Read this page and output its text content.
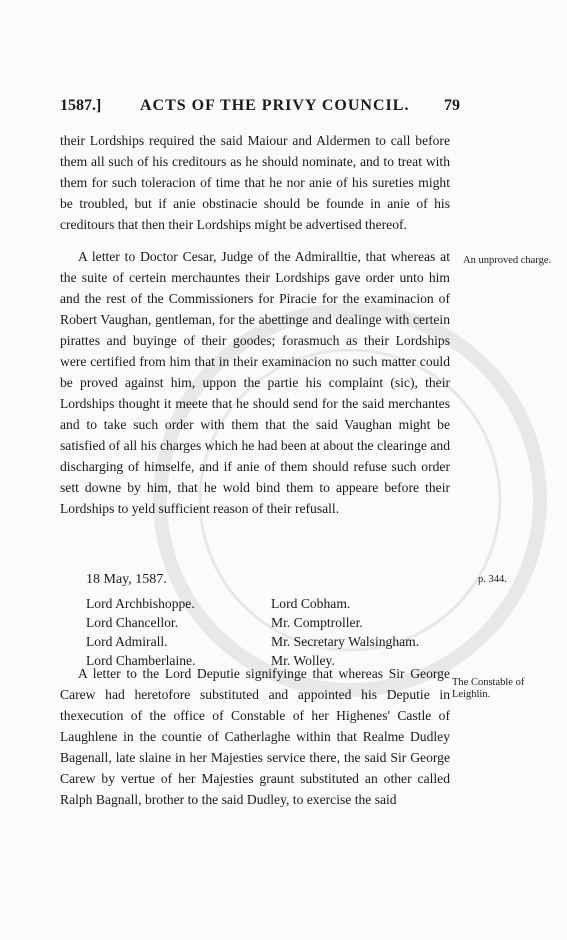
1587.] ACTS OF THE PRIVY COUNCIL. 79

their Lordships required the said Maiour and Aldermen to call before them all such of his creditours as he should nominate, and to treat with them for such toleracion of time that he nor anie of his sureties might be troubled, but if anie obstinacie should be founde in anie of his creditours that then their Lordships might be advertised thereof.

A letter to Doctor Cesar, Judge of the Admiralltie, that whereas at the suite of certein merchauntes their Lordships gave order unto him and the rest of the Commissioners for Piracie for the examinacion of Robert Vaughan, gentleman, for the abettinge and dealinge with certein pirattes and buyinge of their goodes; forasmuch as their Lordships were certified from him that in their examinacion no such matter could be proved against him, uppon the partie his complaint (sic), their Lordships thought it meete that he should send for the said merchantes and to take such order with them that the said Vaughan might be satisfied of all his charges which he had been at about the clearinge and discharging of himselfe, and if anie of them should refuse such order sett downe by him, that he wold bind them to appeare before their Lordships to yeld sufficient reason of their refusall.

An unproved charge.
18 May, 1587.	p. 344.
Lord Archbishoppe.
Lord Chancellor.
Lord Admirall.
Lord Chamberlaine.
Lord Cobham.
Mr. Comptroller.
Mr. Secretary Walsingham.
Mr. Wolley.

A letter to the Lord Deputie signifyinge that whereas Sir George Carew had heretofore substituted and appointed his Deputie in thexecution of the office of Constable of her Highenes' Castle of Laughlene in the countie of Catherlaghe within that Realme Dudley Bagenall, late slaine in her Majesties service there, the said Sir George Carew by vertue of her Majesties graunt substituted an other called Ralph Bagnall, brother to the said Dudley, to exercise the said

The Constable of Leighlin.
